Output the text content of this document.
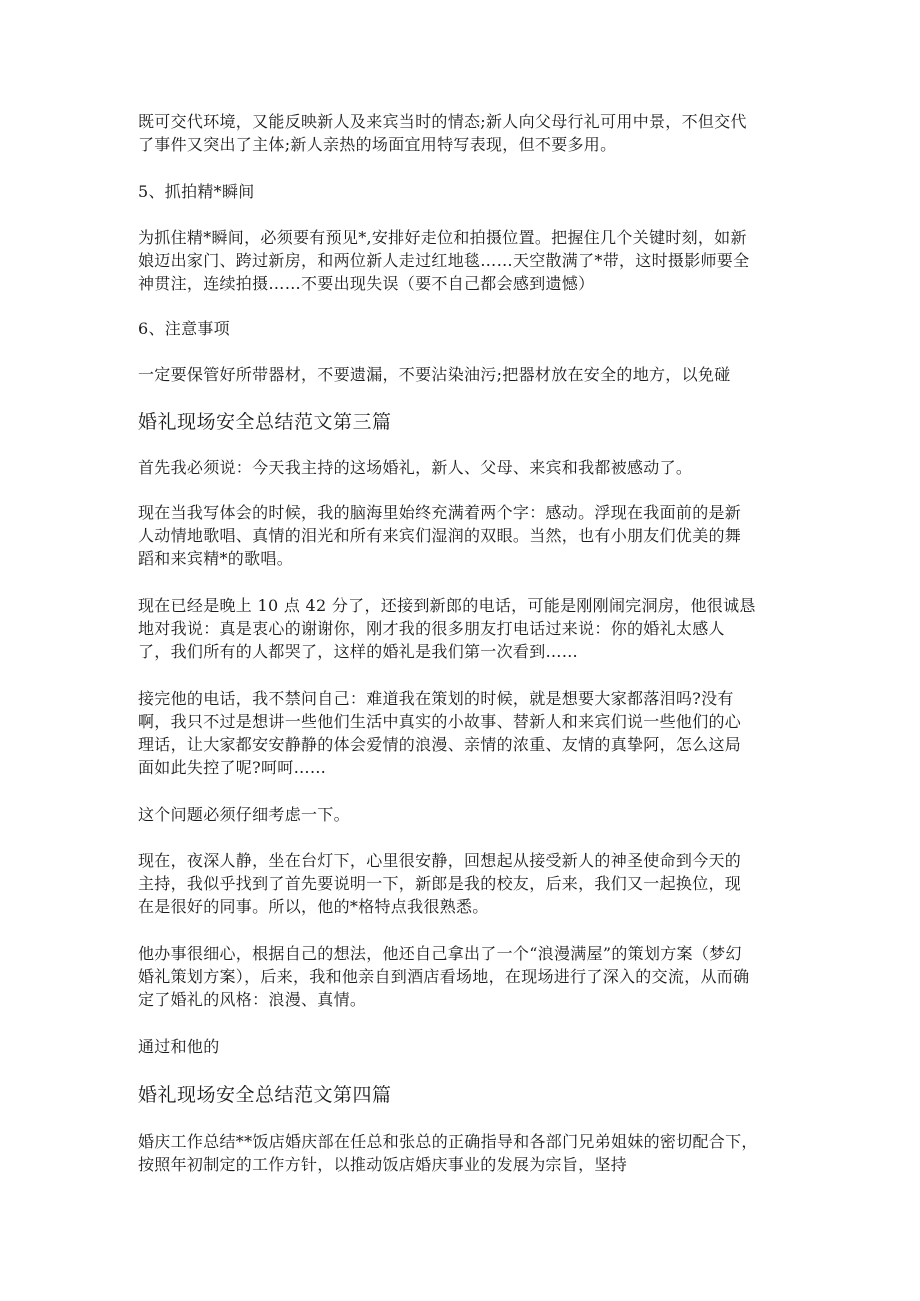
既可交代环境，又能反映新人及来宾当时的情态;新人向父母行礼可用中景，不但交代
了事件又突出了主体;新人亲热的场面宜用特写表现，但不要多用。
5、抓拍精*瞬间
为抓住精*瞬间，必须要有预见*,安排好走位和拍摄位置。把握住几个关键时刻，如新
娘迈出家门、跨过新房，和两位新人走过红地毯……天空散满了*带，这时摄影师要全
神贯注，连续拍摄……不要出现失误（要不自己都会感到遗憾）
6、注意事项
一定要保管好所带器材，不要遗漏，不要沾染油污;把器材放在安全的地方，以免碰
婚礼现场安全总结范文第三篇
首先我必须说：今天我主持的这场婚礼，新人、父母、来宾和我都被感动了。
现在当我写体会的时候，我的脑海里始终充满着两个字：感动。浮现在我面前的是新
人动情地歌唱、真情的泪光和所有来宾们湿润的双眼。当然，也有小朋友们优美的舞
蹈和来宾精*的歌唱。
现在已经是晚上 10 点 42 分了，还接到新郎的电话，可能是刚刚闹完洞房，他很诚恳
地对我说：真是衷心的谢谢你，刚才我的很多朋友打电话过来说：你的婚礼太感人
了，我们所有的人都哭了，这样的婚礼是我们第一次看到……
接完他的电话，我不禁问自己：难道我在策划的时候，就是想要大家都落泪吗?没有
啊，我只不过是想讲一些他们生活中真实的小故事、替新人和来宾们说一些他们的心
理话，让大家都安安静静的体会爱情的浪漫、亲情的浓重、友情的真挚阿，怎么这局
面如此失控了呢?呵呵……
这个问题必须仔细考虑一下。
现在，夜深人静，坐在台灯下，心里很安静，回想起从接受新人的神圣使命到今天的
主持，我似乎找到了首先要说明一下，新郎是我的校友，后来，我们又一起换位，现
在是很好的同事。所以，他的*格特点我很熟悉。
他办事很细心，根据自己的想法，他还自己拿出了一个“浪漫满屋”的策划方案（梦幻
婚礼策划方案），后来，我和他亲自到酒店看场地，在现场进行了深入的交流，从而确
定了婚礼的风格：浪漫、真情。
通过和他的
婚礼现场安全总结范文第四篇
婚庆工作总结**饭店婚庆部在任总和张总的正确指导和各部门兄弟姐妹的密切配合下，
按照年初制定的工作方针，以推动饭店婚庆事业的发展为宗旨，坚持
